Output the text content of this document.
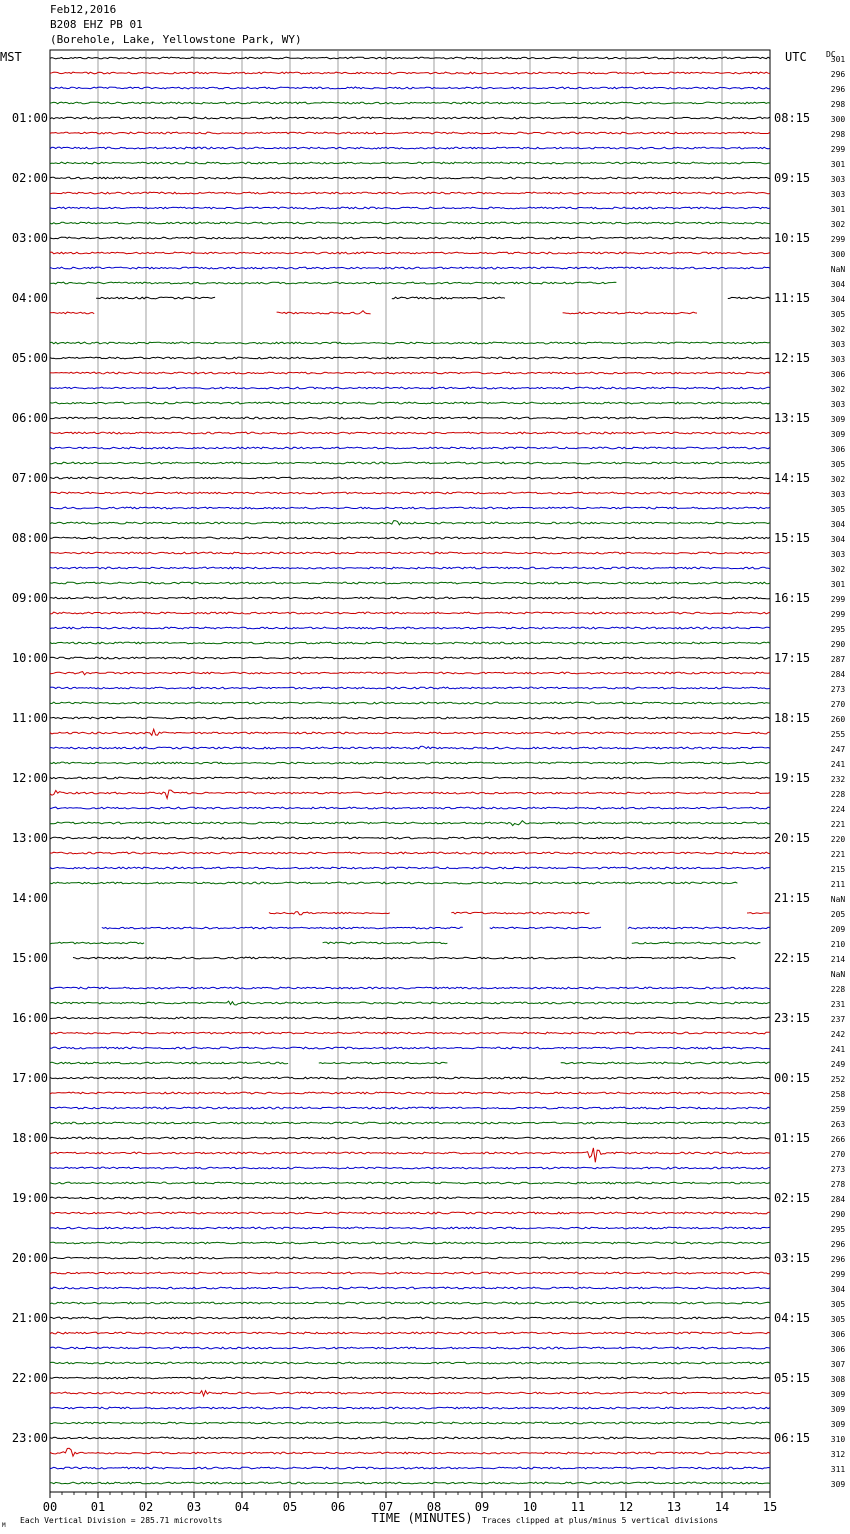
Feb12,2016
B208 EHZ PB 01
(Borehole, Lake, Yellowstone Park, WY)
00	01	02	03	04	05	06	07	08	09	10	11	12	13	14	15
301
296
296
298
300
298
299
301
303
303
301
302
299
300
NaN
304
304
305
302
303
303
306
302
303
309
309
306
305
302
303
305
304
304
303
302
301
299
299
295
290
287
284
273
270
260
255
247
241
232
228
224
221
220
221
215
211
NaN
205
209
210
214
NaN
228
231
237
242
241
249
252
258
259
263
266
270
273
278
284
290
295
296
296
299
304
305
305
306
306
307
308
309
309
309
310
312
311
309
MST	UTC DC
01:00
02:00
03:00
04:00
05:00
06:00
07:00
08:00
09:00
10:00
11:00
12:00
13:00
14:00
15:00
16:00
17:00
18:00
19:00
20:00
21:00
22:00
23:00
08:15
09:15
10:15
11:15
12:15
13:15
14:15
15:15
16:15
17:15
18:15
19:15
20:15
21:15
22:15
23:15
00:15
01:15
02:15
03:15
04:15
05:15
06:15
TIME (MINUTES)
Each Vertical Division = 285.71 microvolts	Traces clipped at plus/minus 5 vertical divisions
M
